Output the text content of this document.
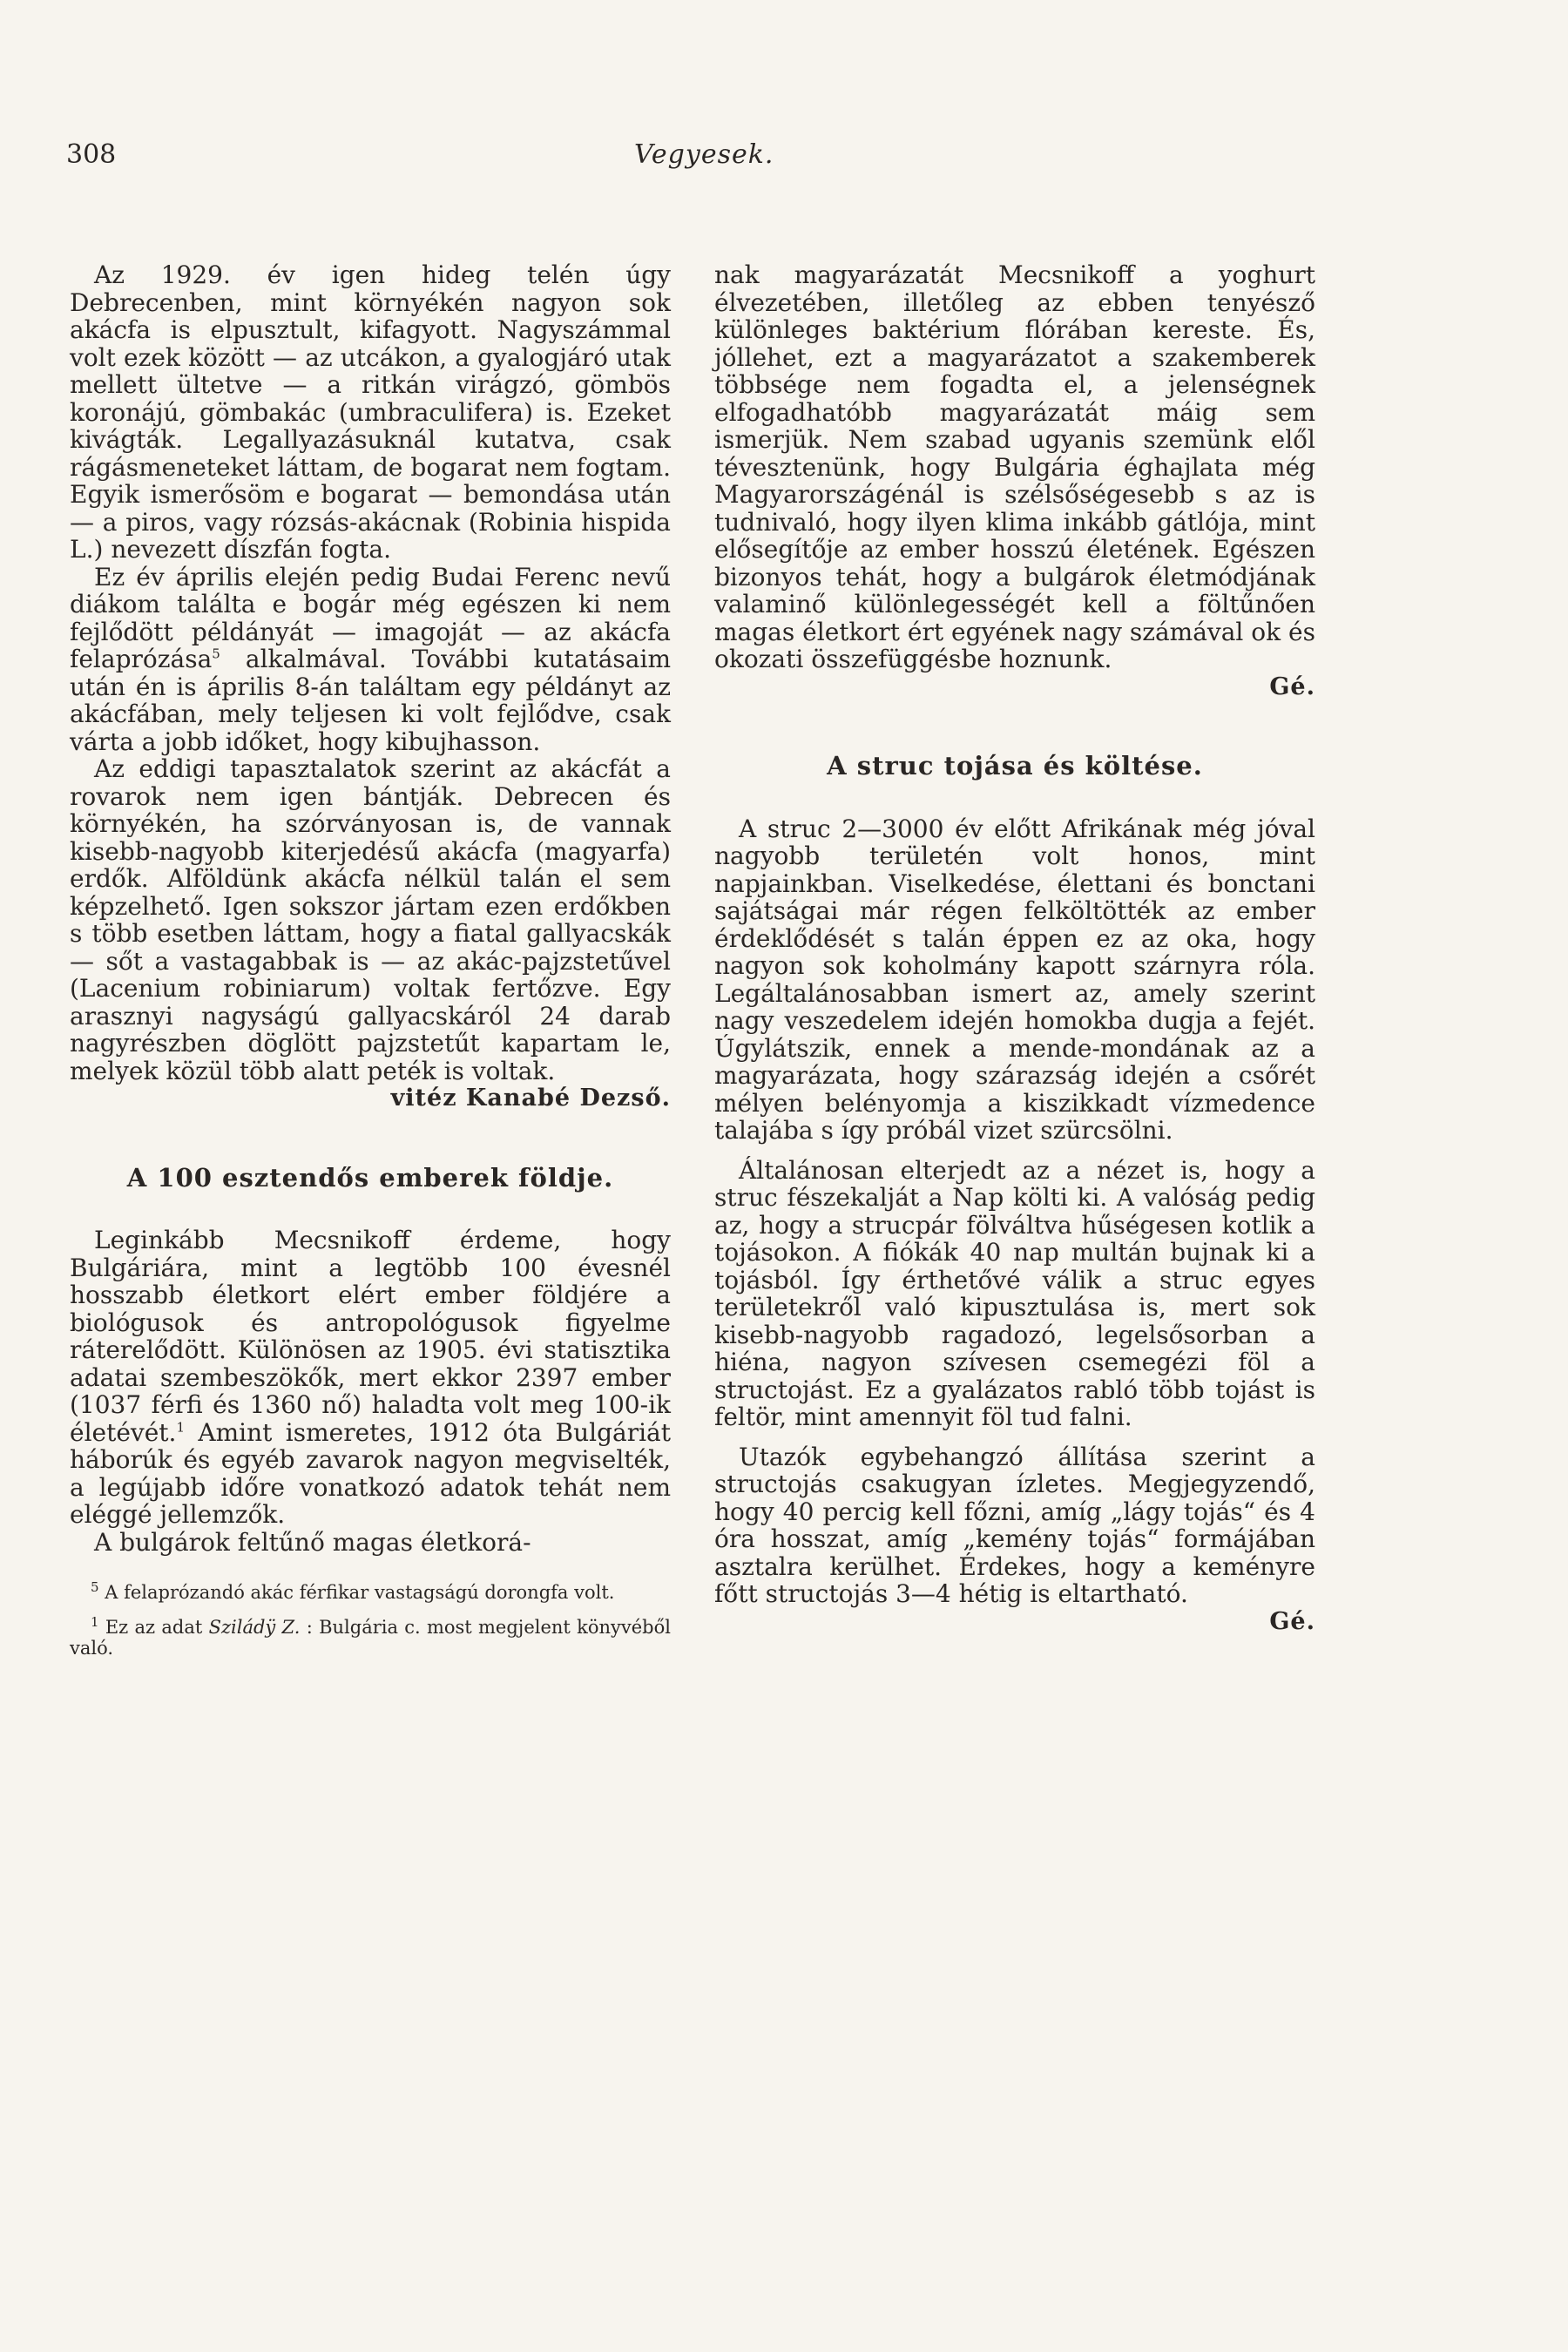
308	Vegyesek.

Az 1929. év igen hideg telén úgy Debrecenben, mint környékén nagyon sok akácfa is elpusztult, kifagyott. Nagyszámmal volt ezek között — az utcákon, a gyalogjáró utak mellett ültetve — a ritkán virágzó, gömbös koronájú, gömbakác (umbraculifera) is. Ezeket kivágták. Legallyazásuknál kutatva, csak rágásmeneteket láttam, de bogarat nem fogtam. Egyik ismerősöm e bogarat — bemondása után — a piros, vagy rózsás-akácnak (Robinia hispida L.) nevezett díszfán fogta.

Ez év április elején pedig Budai Ferenc nevű diákom találta e bogár még egészen ki nem fejlődött példányát — imagoját — az akácfa felaprózása$^5$ alkalmával. További kutatásaim után én is április 8-án találtam egy példányt az akácfában, mely teljesen ki volt fejlődve, csak várta a jobb időket, hogy kibujhasson.

Az eddigi tapasztalatok szerint az akácfát a rovarok nem igen bántják. Debrecen és környékén, ha szórványosan is, de vannak kisebb-nagyobb kiterjedésű akácfa (magyarfa) erdők. Alföldünk akácfa nélkül talán el sem képzelhető. Igen sokszor jártam ezen erdőkben s több esetben láttam, hogy a fiatal gallyacskák — sőt a vastagabbak is — az akác-pajzstetűvel (Lacenium robiniarum) voltak fertőzve. Egy arasznyi nagyságú gallyacskáról 24 darab nagyrészben döglött pajzstetűt kapartam le, melyek közül több alatt peték is voltak.

vitéz Kanabé Dezső.

A 100 esztendős emberek földje.

Leginkább Mecsnikoff érdeme, hogy Bulgáriára, mint a legtöbb 100 évesnél hosszabb életkort elért ember földjére a biológusok és antropológusok figyelme ráterelődött. Különösen az 1905. évi statisztika adatai szembeszökők, mert ekkor 2397 ember (1037 férfi és 1360 nő) haladta volt meg 100-ik életévét.$^1$ Amint ismeretes, 1912 óta Bulgáriát háborúk és egyéb zavarok nagyon megviselték, a legújabb időre vonatkozó adatok tehát nem eléggé jellemzők.

A bulgárok feltűnő magas életkorá-

$^5$ A felaprózandó akác férfikar vastagságú dorongfa volt.

$^1$ Ez az adat Sziládÿ Z. : Bulgária c. most megjelent könyvéből való.

nak magyarázatát Mecsnikoff a yoghurt élvezetében, illetőleg az ebben tenyésző különleges baktérium flórában kereste. És, jóllehet, ezt a magyarázatot a szakemberek többsége nem fogadta el, a jelenségnek elfogadhatóbb magyarázatát máig sem ismerjük. Nem szabad ugyanis szemünk elől tévesztenünk, hogy Bulgária éghajlata még Magyarországénál is szélsőségesebb s az is tudnivaló, hogy ilyen klima inkább gátlója, mint elősegítője az ember hosszú életének. Egészen bizonyos tehát, hogy a bulgárok életmódjának valaminő különlegességét kell a föltűnően magas életkort ért egyének nagy számával ok és okozati összefüggésbe hoznunk.

Gé.

A struc tojása és költése.

A struc 2—3000 év előtt Afrikának még jóval nagyobb területén volt honos, mint napjainkban. Viselkedése, élettani és bonctani sajátságai már régen felköltötték az ember érdeklődését s talán éppen ez az oka, hogy nagyon sok koholmány kapott szárnyra róla. Legáltalánosabban ismert az, amely szerint nagy veszedelem idején homokba dugja a fejét. Úgylátszik, ennek a mende-mondának az a magyarázata, hogy szárazság idején a csőrét mélyen belényomja a kiszikkadt vízmedence talajába s így próbál vizet szürcsölni.

Általánosan elterjedt az a nézet is, hogy a struc fészekalját a Nap költi ki. A valóság pedig az, hogy a strucpár fölváltva hűségesen kotlik a tojásokon. A fiókák 40 nap multán bujnak ki a tojásból. Így érthetővé válik a struc egyes területekről való kipusztulása is, mert sok kisebb-nagyobb ragadozó, legelsősorban a hiéna, nagyon szívesen csemegézi föl a structojást. Ez a gyalázatos rabló több tojást is feltör, mint amennyit föl tud falni.

Utazók egybehangzó állítása szerint a structojás csakugyan ízletes. Megjegyzendő, hogy 40 percig kell főzni, amíg „lágy tojás“ és 4 óra hosszat, amíg „kemény tojás“ formájában asztalra kerülhet. Érdekes, hogy a keményre főtt structojás 3—4 hétig is eltartható.

Gé.
